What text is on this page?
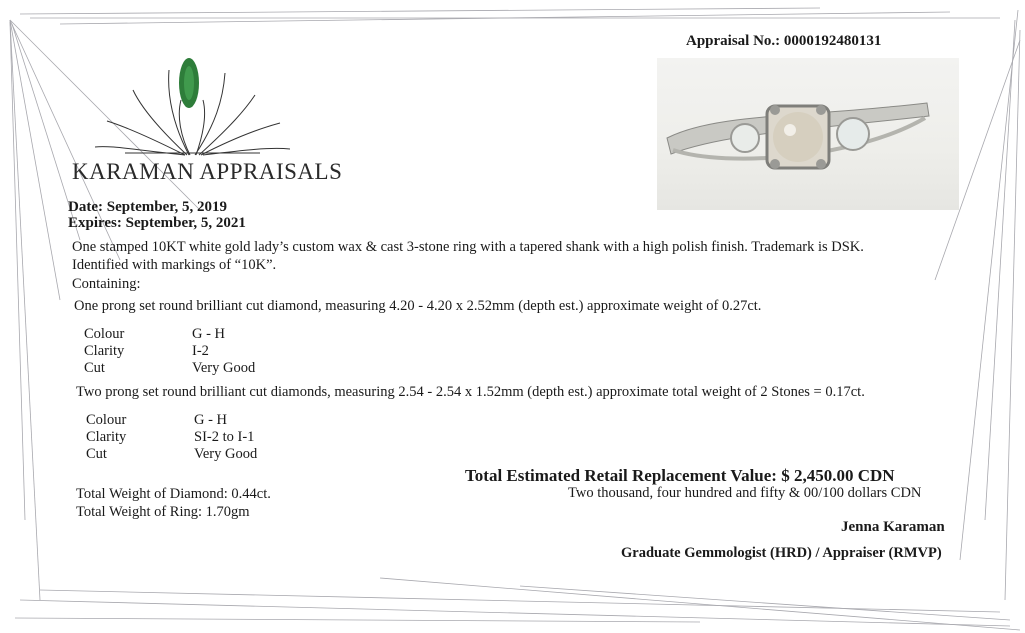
KARAMAN APPRAISALS
Appraisal No.: 0000192480131
Date: September, 5, 2019
Expires: September, 5, 2021
One stamped 10KT white gold lady’s custom wax & cast 3-stone ring with a tapered shank with a high polish finish. Trademark is DSK.
Identified with markings of “10K”.
Containing:
One prong set round brilliant cut diamond, measuring 4.20 - 4.20 x 2.52mm (depth est.) approximate weight of 0.27ct.
Colour	G - H
Clarity	I-2
Cut	Very Good
Two prong set round brilliant cut diamonds, measuring 2.54 - 2.54 x 1.52mm (depth est.) approximate total weight of 2 Stones = 0.17ct.
Colour	G - H
Clarity	SI-2 to I-1
Cut	Very Good
Total Weight of Diamond: 0.44ct.
Total Weight of Ring: 1.70gm
Total Estimated Retail Replacement Value: $ 2,450.00 CDN
Two thousand, four hundred and fifty & 00/100 dollars CDN
Jenna Karaman
Graduate Gemmologist (HRD) / Appraiser (RMVP)
